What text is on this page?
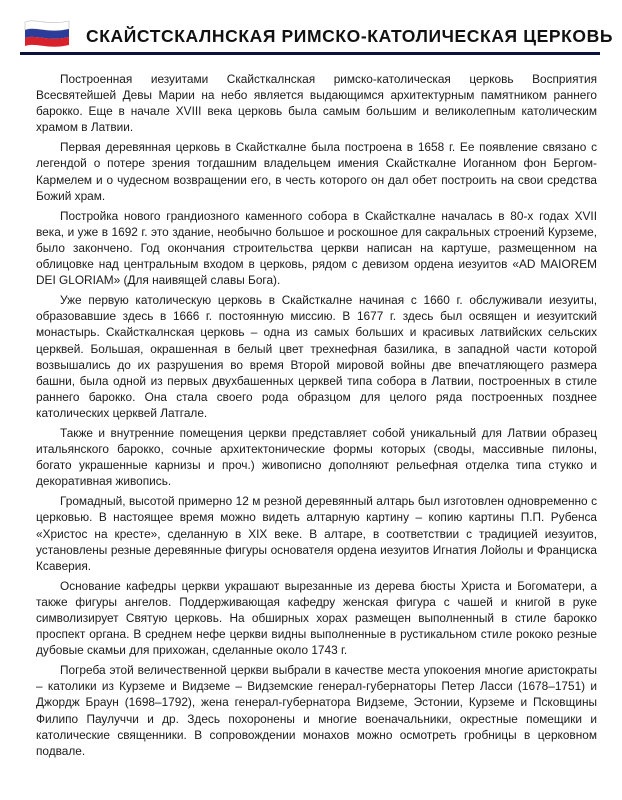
СКАЙСТСКАЛНСКАЯ РИМСКО-КАТОЛИЧЕСКАЯ ЦЕРКОВЬ

Построенная иезуитами Скайсткалнская римско-католическая церковь Восприятия Всесвятейшей Девы Марии на небо является выдающимся архитектурным памятником раннего барокко. Еще в начале XVIII века церковь была самым большим и великолепным католическим храмом в Латвии.

Первая деревянная церковь в Скайсткалне была построена в 1658 г. Ее появление связано с легендой о потере зрения тогдашним владельцем имения Скайсткалне Иоганном фон Бергом-Кармелем и о чудесном возвращении его, в честь которого он дал обет построить на свои средства Божий храм.

Постройка нового грандиозного каменного собора в Скайсткалне началась в 80-х годах XVII века, и уже в 1692 г. это здание, необычно большое и роскошное для сакральных строений Курземе, было закончено. Год окончания строительства церкви написан на картуше, размещенном на облицовке над центральным входом в церковь, рядом с девизом ордена иезуитов «AD MAIOREM DEI GLORIAM» (Для наивящей славы Бога).

Уже первую католическую церковь в Скайсткалне начиная с 1660 г. обслуживали иезуиты, образовавшие здесь в 1666 г. постоянную миссию. В 1677 г. здесь был освящен и иезуитский монастырь. Скайсткалнская церковь – одна из самых больших и красивых латвийских сельских церквей. Большая, окрашенная в белый цвет трехнефная базилика, в западной части которой возвышались до их разрушения во время Второй мировой войны две впечатляющего размера башни, была одной из первых двухбашенных церквей типа собора в Латвии, построенных в стиле раннего барокко. Она стала своего рода образцом для целого ряда построенных позднее католических церквей Латгале.

Также и внутренние помещения церкви представляет собой уникальный для Латвии образец итальянского барокко, сочные архитектонические формы которых (своды, массивные пилоны, богато украшенные карнизы и проч.) живописно дополняют рельефная отделка типа стукко и декоративная живопись.

Громадный, высотой примерно 12 м резной деревянный алтарь был изготовлен одновременно с церковью. В настоящее время можно видеть алтарную картину – копию картины П.П. Рубенса «Христос на кресте», сделанную в XIX веке. В алтаре, в соответствии с традицией иезуитов, установлены резные деревянные фигуры основателя ордена иезуитов Игнатия Лойолы и Франциска Ксаверия.

Основание кафедры церкви украшают вырезанные из дерева бюсты Христа и Богоматери, а также фигуры ангелов. Поддерживающая кафедру женская фигура с чашей и книгой в руке символизирует Святую церковь. На обширных хорах размещен выполненный в стиле барокко проспект органа. В среднем нефе церкви видны выполненные в рустикальном стиле рококо резные дубовые скамьи для прихожан, сделанные около 1743 г.

Погреба этой величественной церкви выбрали в качестве места упокоения многие аристократы – католики из Курземе и Видземе – Видземские генерал-губернаторы Петер Ласси (1678–1751) и Джордж Браун (1698–1792), жена генерал-губернатора Видземе, Эстонии, Курземе и Псковщины Филипо Паулуччи и др. Здесь похоронены и многие военачальники, окрестные помещики и католические священники. В сопровождении монахов можно осмотреть гробницы в церковном подвале.
